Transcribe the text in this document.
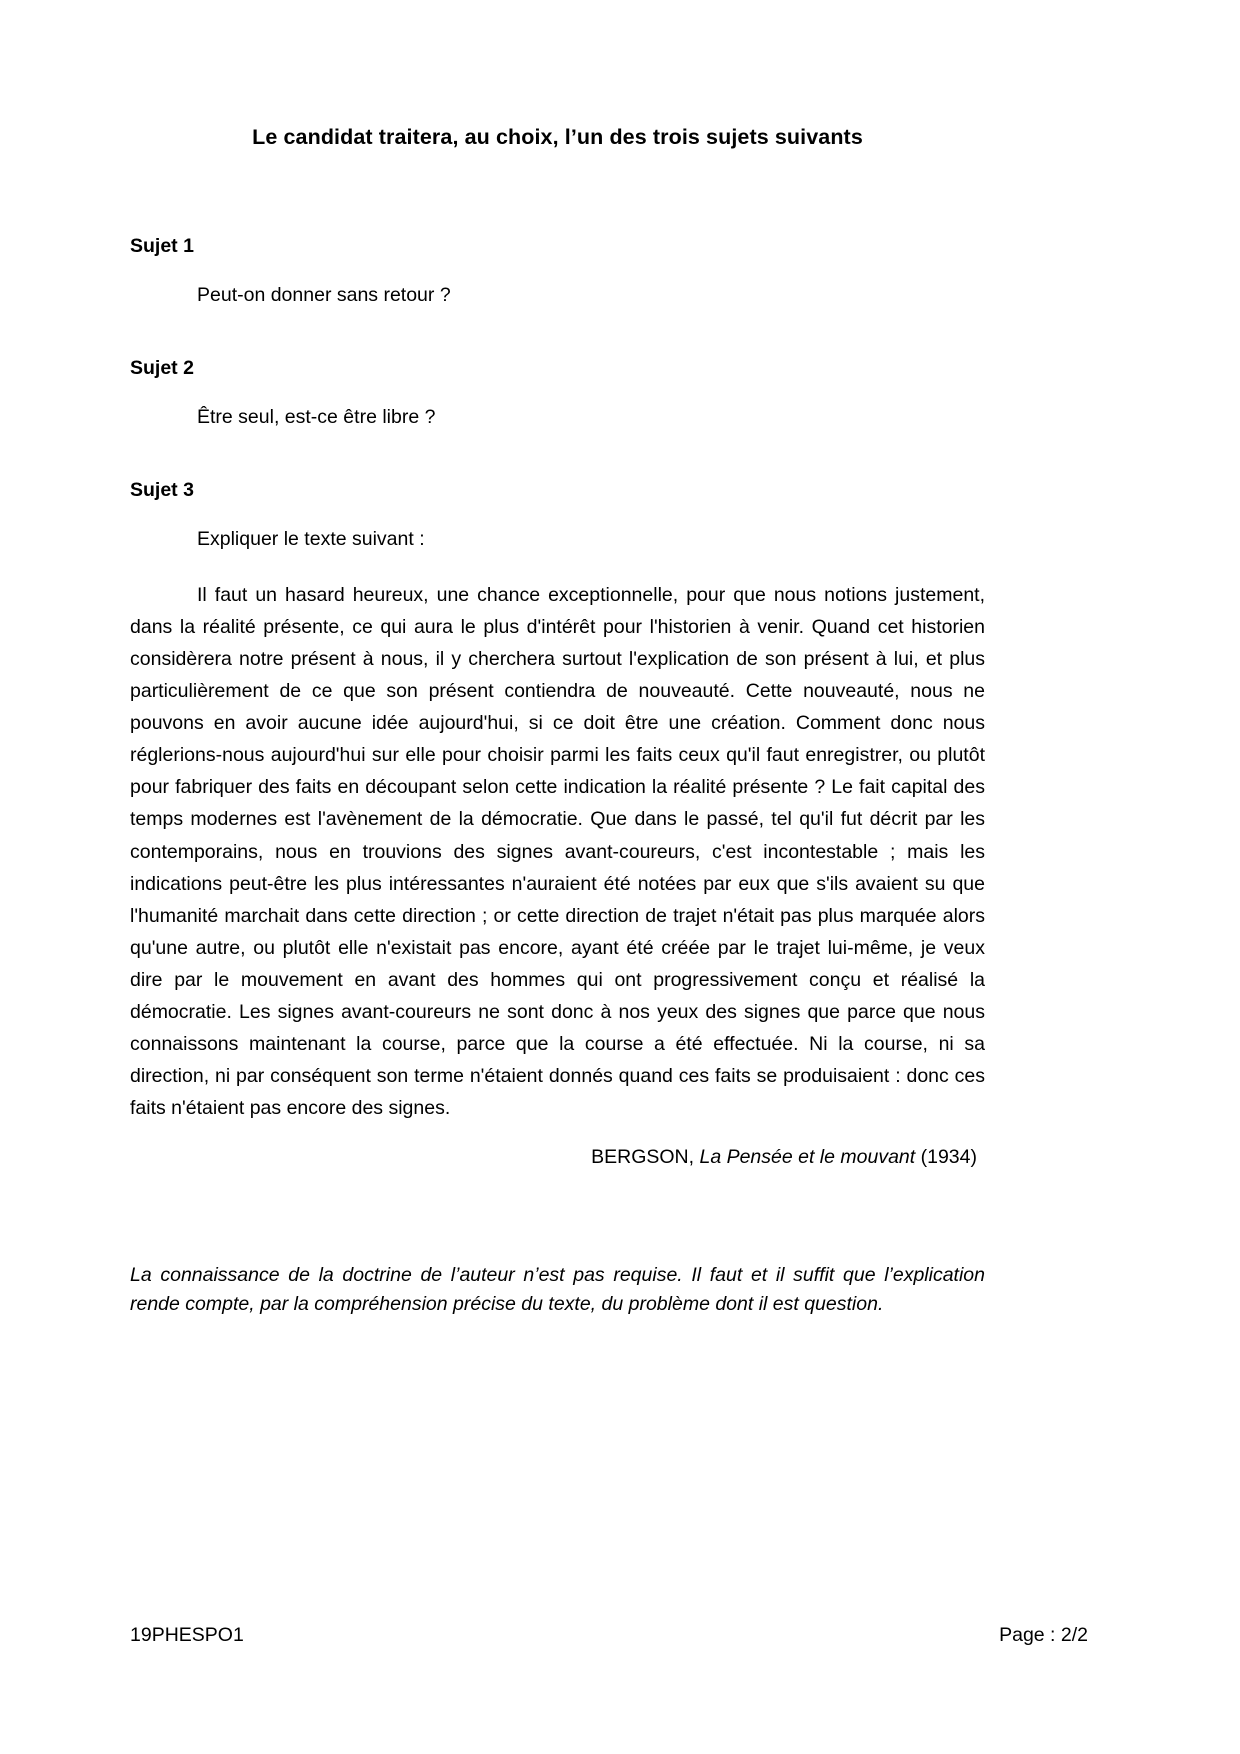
Le candidat traitera, au choix, l’un des trois sujets suivants
Sujet 1
Peut-on donner sans retour ?
Sujet 2
Être seul, est-ce être libre ?
Sujet 3
Expliquer le texte suivant :
Il faut un hasard heureux, une chance exceptionnelle, pour que nous notions justement, dans la réalité présente, ce qui aura le plus d'intérêt pour l'historien à venir. Quand cet historien considèrera notre présent à nous, il y cherchera surtout l'explication de son présent à lui, et plus particulièrement de ce que son présent contiendra de nouveauté. Cette nouveauté, nous ne pouvons en avoir aucune idée aujourd'hui, si ce doit être une création. Comment donc nous réglerions-nous aujourd'hui sur elle pour choisir parmi les faits ceux qu'il faut enregistrer, ou plutôt pour fabriquer des faits en découpant selon cette indication la réalité présente ? Le fait capital des temps modernes est l'avènement de la démocratie. Que dans le passé, tel qu'il fut décrit par les contemporains, nous en trouvions des signes avant-coureurs, c'est incontestable ; mais les indications peut-être les plus intéressantes n'auraient été notées par eux que s'ils avaient su que l'humanité marchait dans cette direction ; or cette direction de trajet n'était pas plus marquée alors qu'une autre, ou plutôt elle n'existait pas encore, ayant été créée par le trajet lui-même, je veux dire par le mouvement en avant des hommes qui ont progressivement conçu et réalisé la démocratie. Les signes avant-coureurs ne sont donc à nos yeux des signes que parce que nous connaissons maintenant la course, parce que la course a été effectuée. Ni la course, ni sa direction, ni par conséquent son terme n'étaient donnés quand ces faits se produisaient : donc ces faits n'étaient pas encore des signes.
BERGSON, La Pensée et le mouvant (1934)
La connaissance de la doctrine de l’auteur n’est pas requise. Il faut et il suffit que l’explication rende compte, par la compréhension précise du texte, du problème dont il est question.
19PHESPO1	Page : 2/2
